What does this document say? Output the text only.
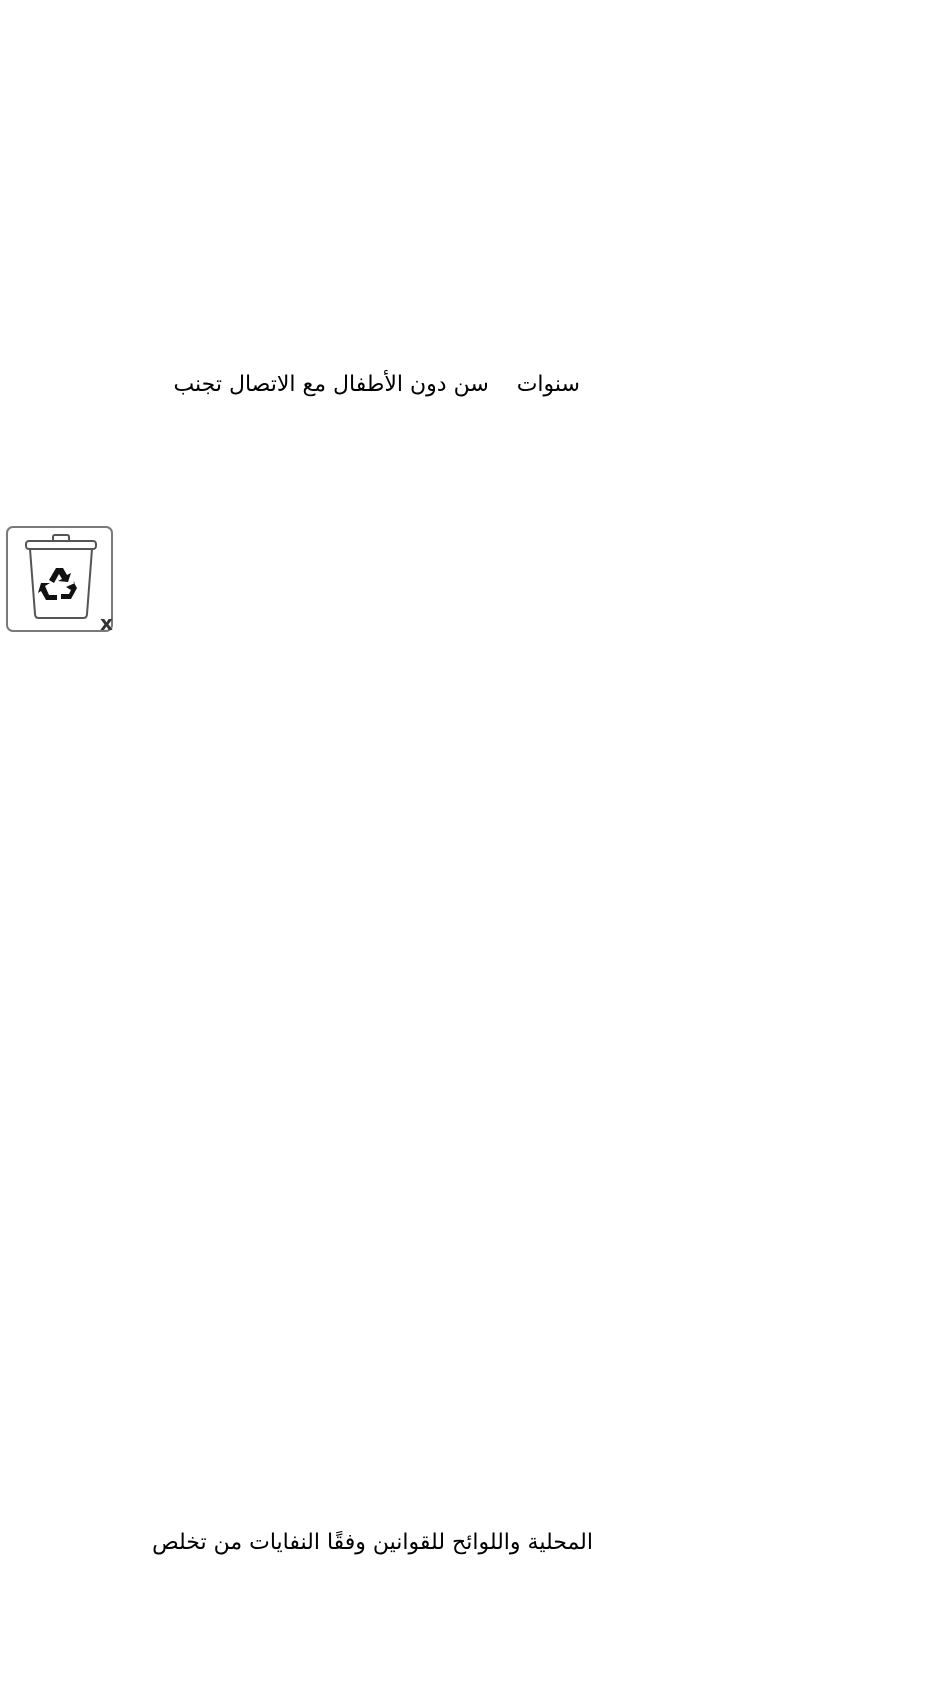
سنوات    سن دون الأطفال مع الاتصال تجنب
x
المحلية واللوائح للقوانين وفقًا النفايات من تخلص
